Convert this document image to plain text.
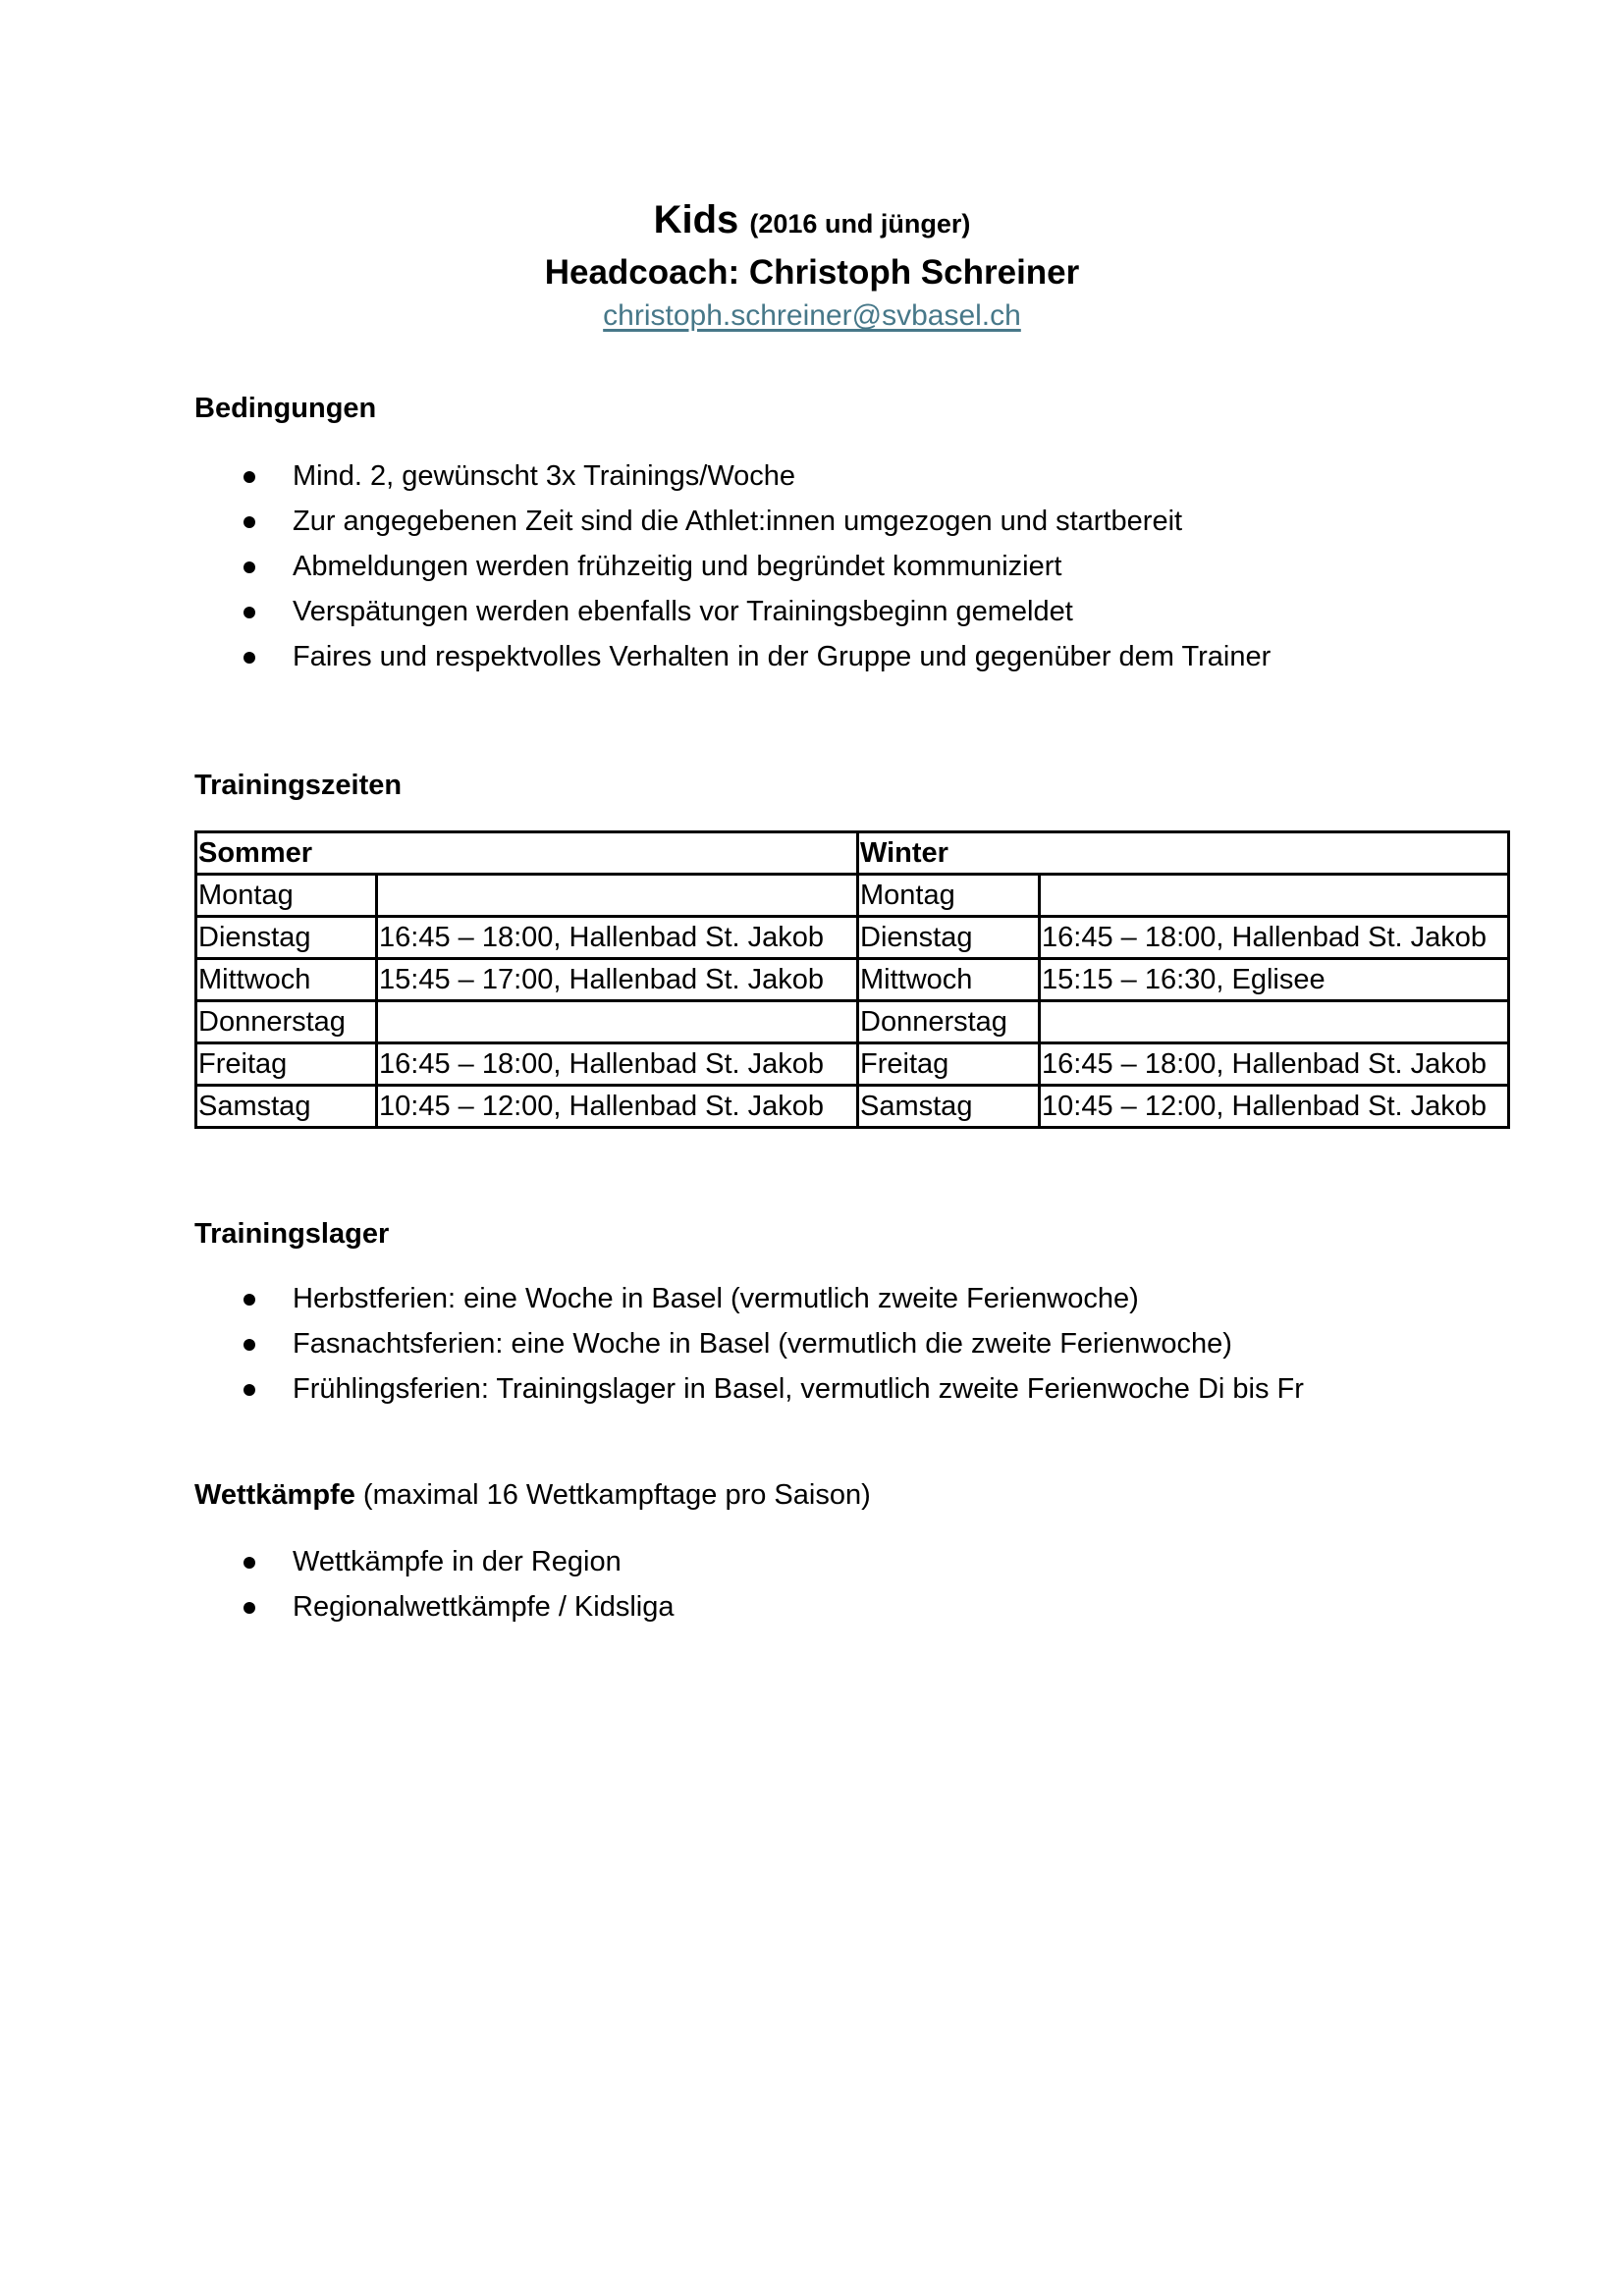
Kids (2016 und jünger)
Headcoach: Christoph Schreiner
christoph.schreiner@svbasel.ch
Bedingungen
Mind. 2, gewünscht 3x Trainings/Woche
Zur angegebenen Zeit sind die Athlet:innen umgezogen und startbereit
Abmeldungen werden frühzeitig und begründet kommuniziert
Verspätungen werden ebenfalls vor Trainingsbeginn gemeldet
Faires und respektvolles Verhalten in der Gruppe und gegenüber dem Trainer
Trainingszeiten
Sommer		Winter	
Montag		Montag	
Dienstag	16:45 – 18:00, Hallenbad St. Jakob	Dienstag	16:45 – 18:00, Hallenbad St. Jakob
Mittwoch	15:45 – 17:00, Hallenbad St. Jakob	Mittwoch	15:15 – 16:30, Eglisee
Donnerstag		Donnerstag	
Freitag	16:45 – 18:00, Hallenbad St. Jakob	Freitag	16:45 – 18:00, Hallenbad St. Jakob
Samstag	10:45 – 12:00, Hallenbad St. Jakob	Samstag	10:45 – 12:00, Hallenbad St. Jakob
Trainingslager
Herbstferien: eine Woche in Basel (vermutlich zweite Ferienwoche)
Fasnachtsferien: eine Woche in Basel (vermutlich die zweite Ferienwoche)
Frühlingsferien: Trainingslager in Basel, vermutlich zweite Ferienwoche Di bis Fr
Wettkämpfe (maximal 16 Wettkampftage pro Saison)
Wettkämpfe in der Region
Regionalwettkämpfe / Kidsliga
